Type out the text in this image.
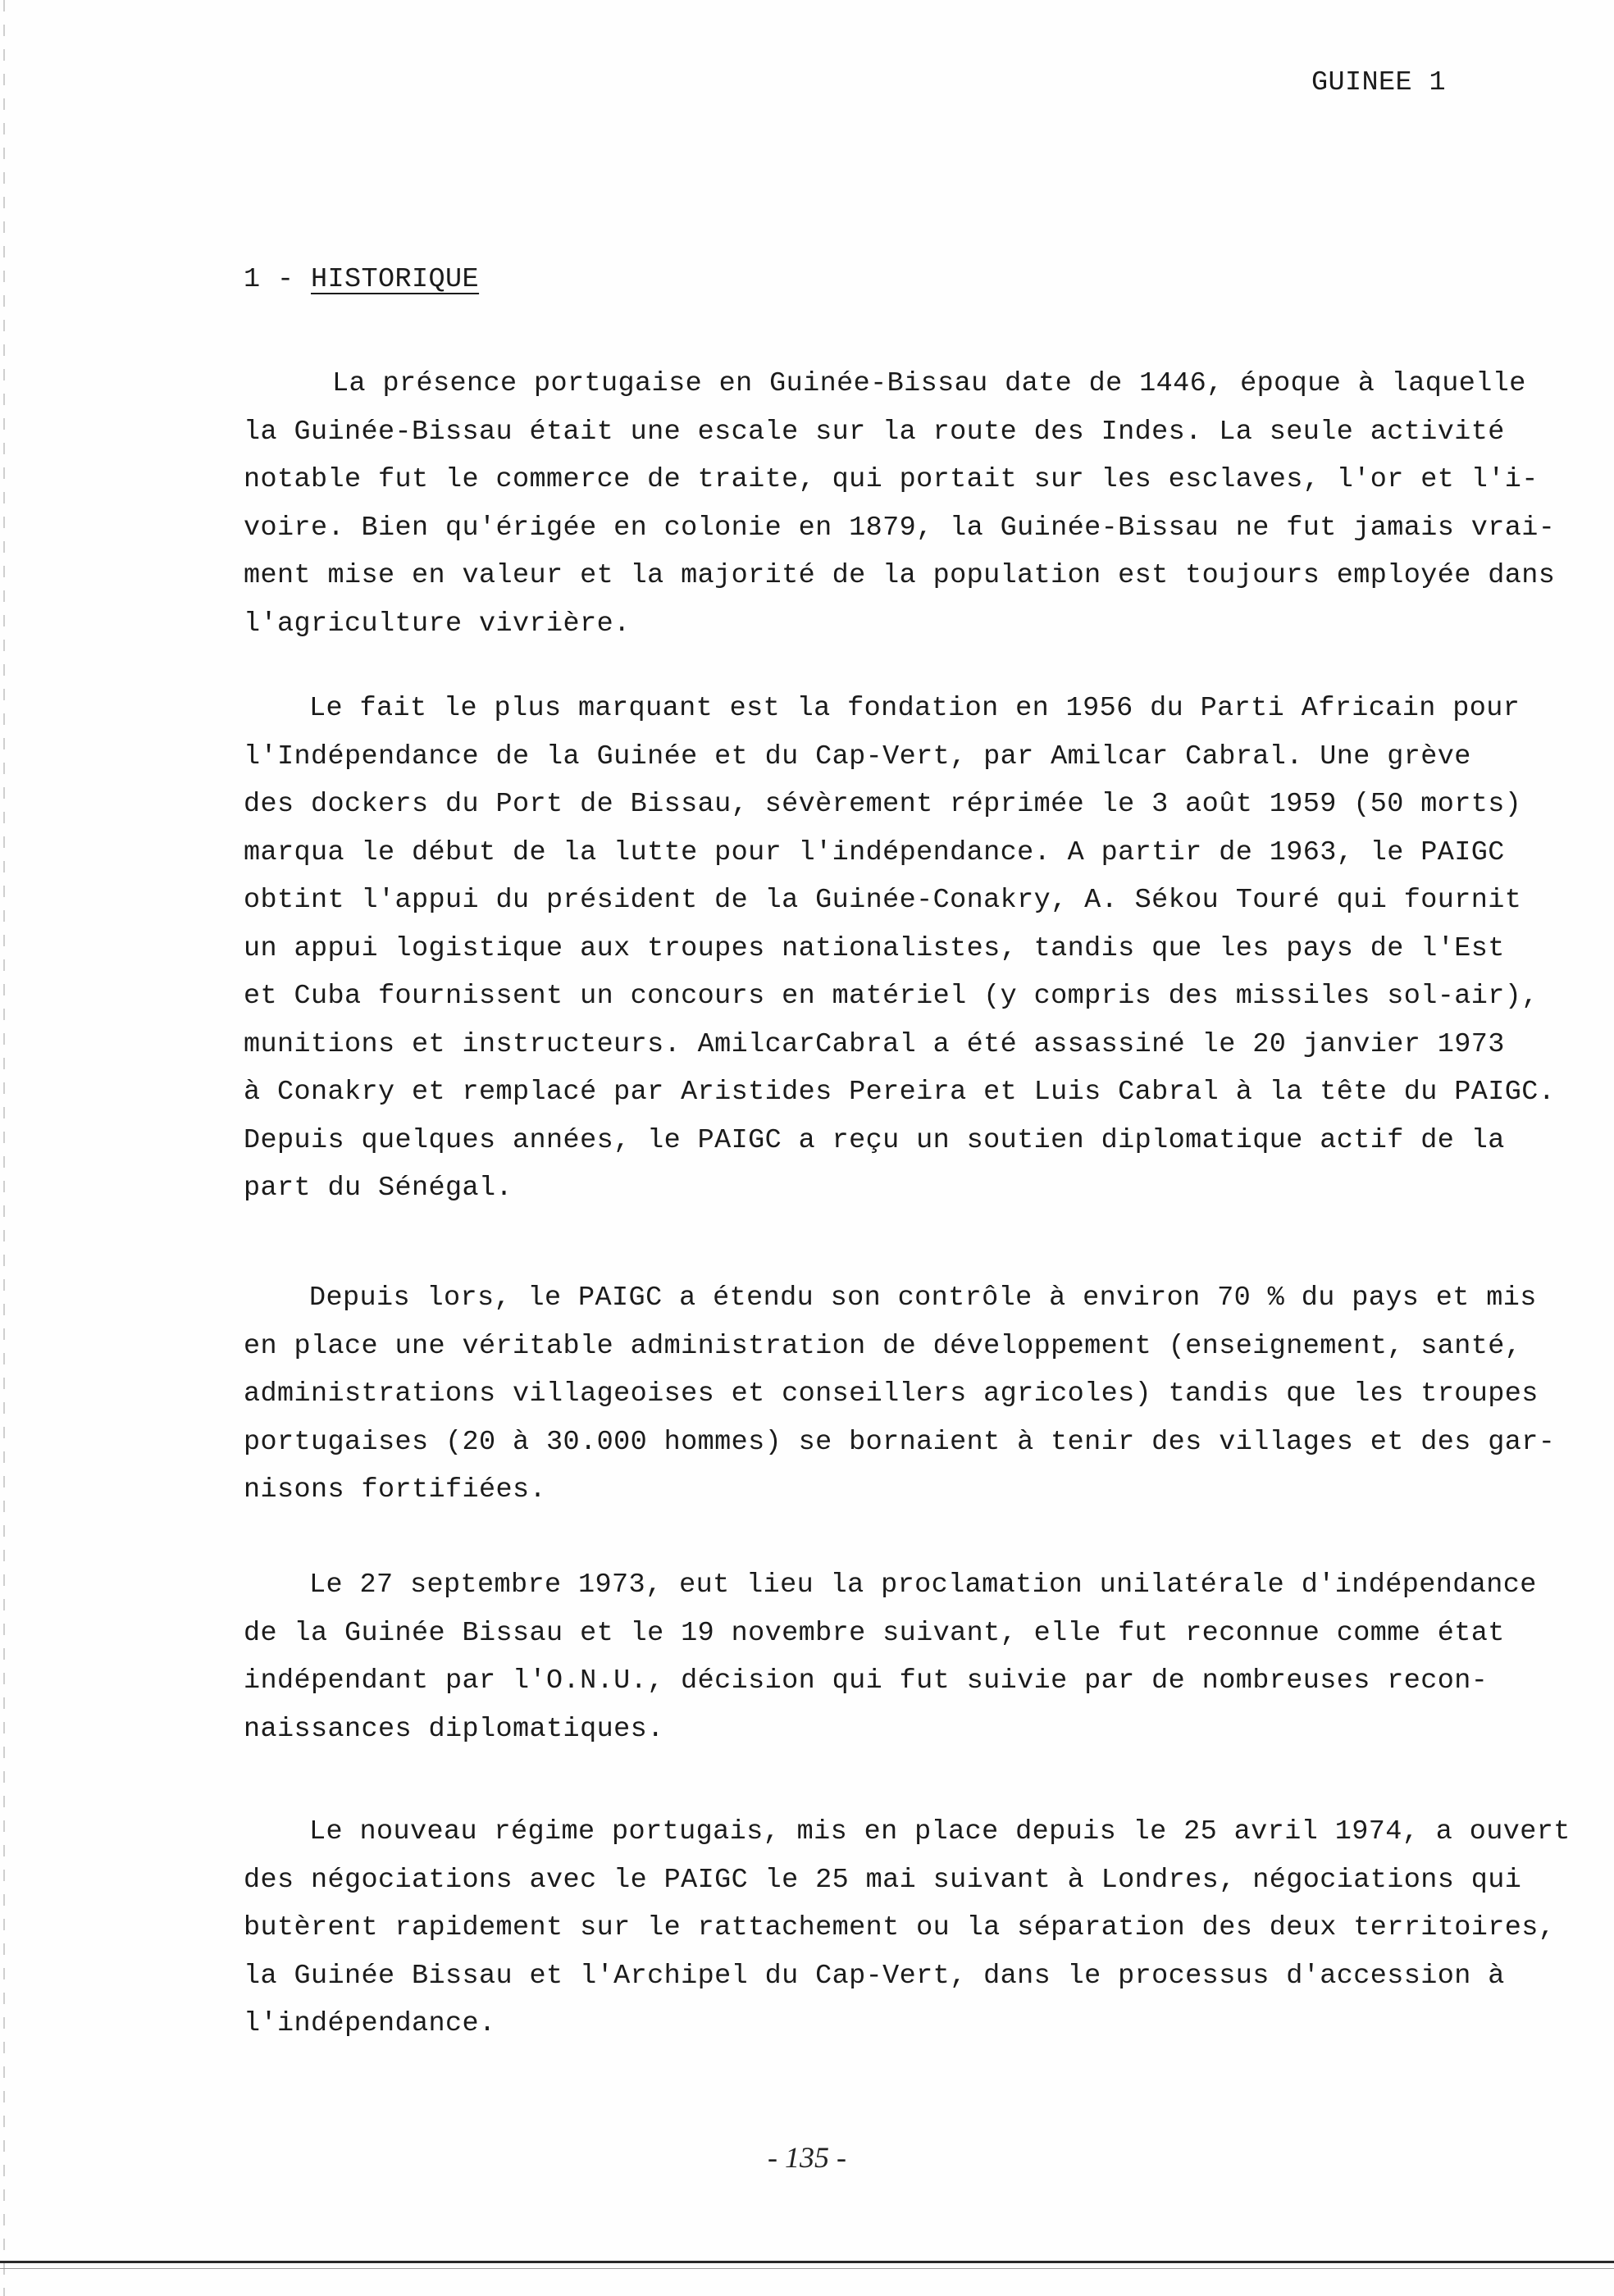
GUINEE 1
1 - HISTORIQUE
La présence portugaise en Guinée-Bissau date de 1446, époque à laquelle
la Guinée-Bissau était une escale sur la route des Indes. La seule activité
notable fut le commerce de traite, qui portait sur les esclaves, l'or et l'i-
voire. Bien qu'érigée en colonie en 1879, la Guinée-Bissau ne fut jamais vrai-
ment mise en valeur et la majorité de la population est toujours employée dans
l'agriculture vivrière.
Le fait le plus marquant est la fondation en 1956 du Parti Africain pour
l'Indépendance de la Guinée et du Cap-Vert, par Amilcar Cabral. Une grève
des dockers du Port de Bissau, sévèrement réprimée le 3 août 1959 (50 morts)
marqua le début de la lutte pour l'indépendance. A partir de 1963, le PAIGC
obtint l'appui du président de la Guinée-Conakry, A. Sékou Touré qui fournit
un appui logistique aux troupes nationalistes, tandis que les pays de l'Est
et Cuba fournissent un concours en matériel (y compris des missiles sol-air),
munitions et instructeurs. AmilcarCabral a été assassiné le 20 janvier 1973
à Conakry et remplacé par Aristides Pereira et Luis Cabral à la tête du PAIGC.
Depuis quelques années, le PAIGC a reçu un soutien diplomatique actif de la
part du Sénégal.
Depuis lors, le PAIGC a étendu son contrôle à environ 70 % du pays et mis
en place une véritable administration de développement (enseignement, santé,
administrations villageoises et conseillers agricoles) tandis que les troupes
portugaises (20 à 30.000 hommes) se bornaient à tenir des villages et des gar-
nisons fortifiées.
Le 27 septembre 1973, eut lieu la proclamation unilatérale d'indépendance
de la Guinée Bissau et le 19 novembre suivant, elle fut reconnue comme état
indépendant par l'O.N.U., décision qui fut suivie par de nombreuses recon-
naissances diplomatiques.
Le nouveau régime portugais, mis en place depuis le 25 avril 1974, a ouvert
des négociations avec le PAIGC le 25 mai suivant à Londres, négociations qui
butèrent rapidement sur le rattachement ou la séparation des deux territoires,
la Guinée Bissau et l'Archipel du Cap-Vert, dans le processus d'accession à
l'indépendance.
- 135 -
